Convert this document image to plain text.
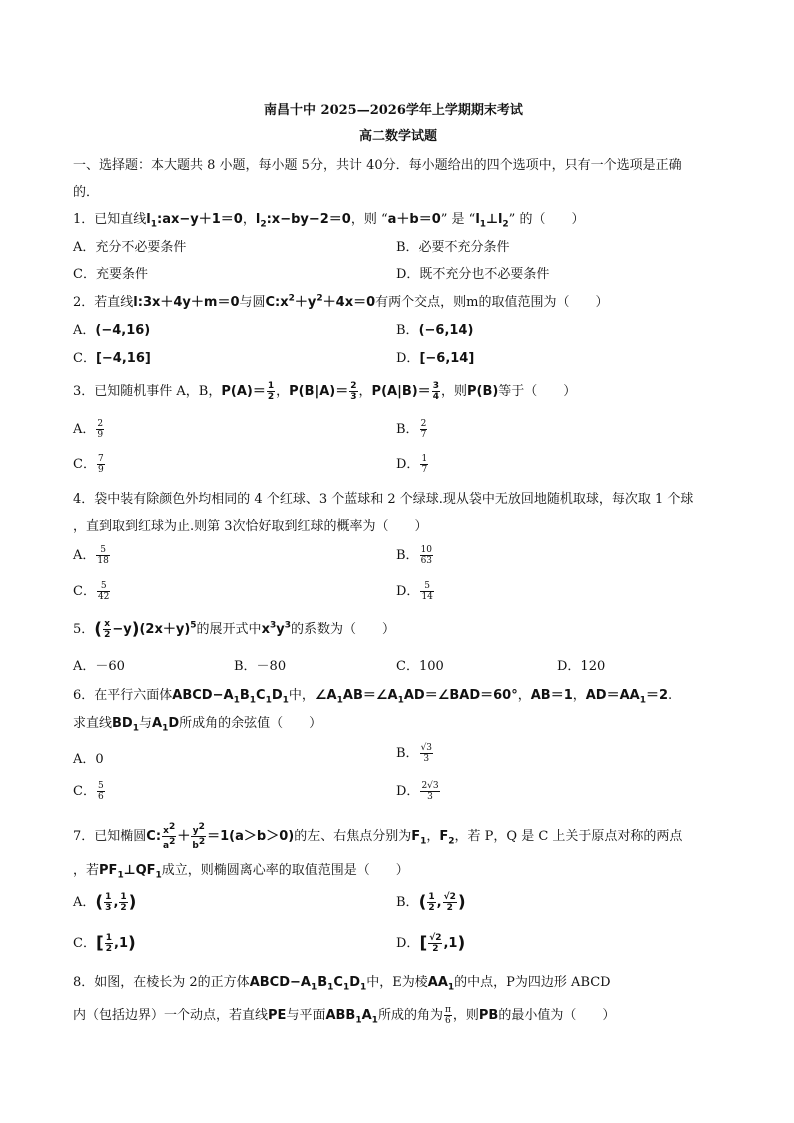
南昌十中 2025—2026学年上学期期末考试
高二数学试题
一、选择题：本大题共 8 小题，每小题 5分，共计 40分．每小题给出的四个选项中，只有一个选项是正确
的．
1．已知直线$l_1:ax-y+1=0$，$l_2:x-by-2=0$，则 “a＋b＝0” 是 “$l_1\perp l_2$” 的（　　）
A．充分不必要条件	B．必要不充分条件
C．充要条件	D．既不充分也不必要条件
2．若直线l:3x＋4y＋m＝0与圆$C:x^2+y^2+4x=0$有两个交点，则m的取值范围为（　　）
A．(−4,16)	B．(−6,14)
C．[−4,16]	D．[−6,14]
3．已知随机事件 A，B，$P(A)= \frac{1}{2}$ ，$P(B|A)= \frac{2}{3}$ ，$P(A|B)= \frac{3}{4}$ ，则P(B)等于（　　）
A． $\frac{2}{9}$	B． $\frac{2}{7}$
C． $\frac{7}{9}$	D． $\frac{1}{7}$
4．袋中装有除颜色外均相同的 4 个红球、3 个蓝球和 2 个绿球.现从袋中无放回地随机取球，每次取 1 个球
，直到取到红球为止.则第 3次恰好取到红球的概率为（　　）
A． $\frac{5}{18}$	B． $\frac{10}{63}$
C． $\frac{5}{42}$	D． $\frac{5}{14}$
5．( $\frac{x}{2} -y)(2x+y)^5$的展开式中$x^3y^3$的系数为（　　）
A．－60	B．－80	C．100	D．120
6．在平行六面体$ABCD-A_1B_1C_1D_1$中，$\angle A_1AB=\angle A_1AD=\angle BAD=60^\circ$，AB＝1，$AD=AA_1=2$.
求直线$BD_1$与$A_1D$所成角的余弦值（　　）
A．0	B． $\frac{√3}{3}$
C． $\frac{5}{6}$	D． $\frac{2√3}{3}$
7．已知椭圆C: $\frac{x^2}{a^2} + \frac{y^2}{b^2} =1(a>b>0)$的左、右焦点分别为$F_1$，$F_2$，若 P，Q 是 C 上关于原点对称的两点
，若$PF_1\perp QF_1$成立，则椭圆离心率的取值范围是（　　）
A．( $\frac{1}{3}$ , $\frac{1}{2}$ )	B．( $\frac{1}{2}$ , $\frac{√2}{2}$ )
C．[ $\frac{1}{2} ,1$)	D．[ $\frac{√2}{2} ,1$)
8．如图，在棱长为 2的正方体$ABCD-A_1B_1C_1D_1$中，E为棱$AA_1$的中点，P为四边形 ABCD
内（包括边界）一个动点，若直线PE与平面$ABB_1A_1$所成的角为 $\frac{\pi}{6}$ ，则PB的最小值为（　　）
